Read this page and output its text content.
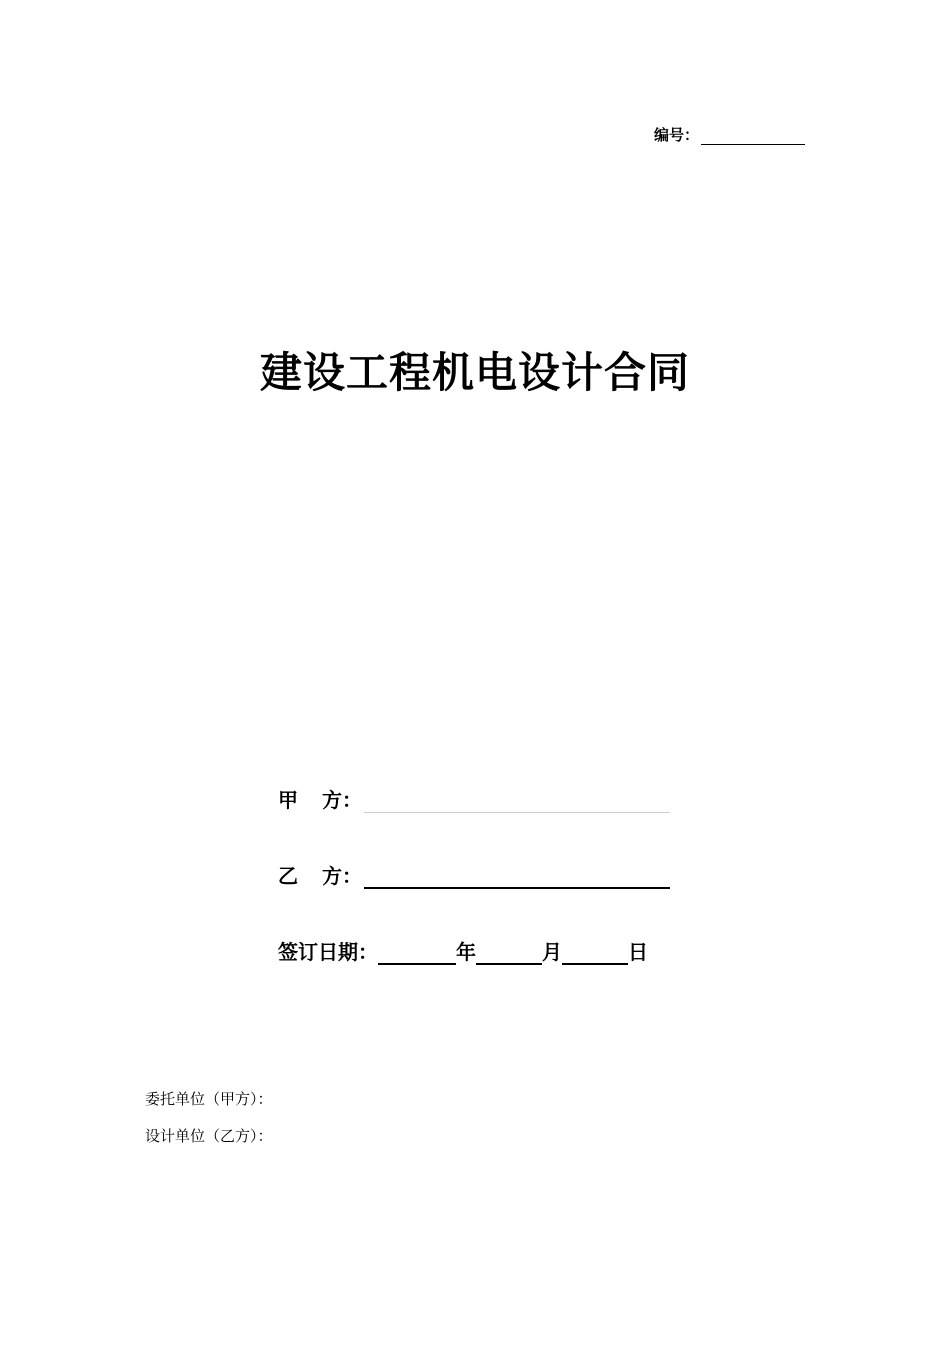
编号：
建设工程机电设计合同
甲	方：
乙	方：
签订日期：	年	月	日
委托单位（甲方）：
设计单位（乙方）：
